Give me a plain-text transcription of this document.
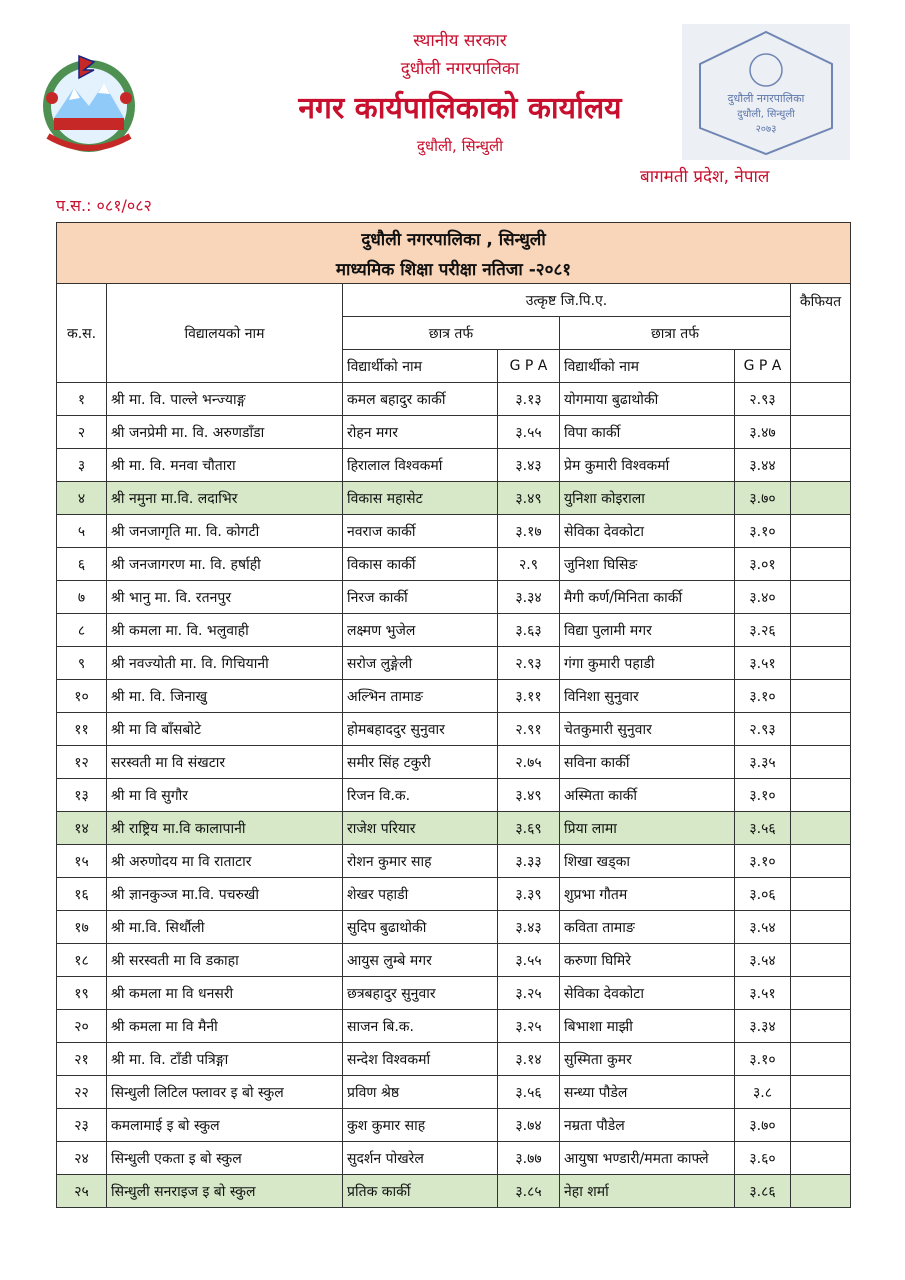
स्थानीय सरकार
दुधौली नगरपालिका
नगर कार्यपालिकाको कार्यालय
दुधौली, सिन्धुली
दुधौली नगरपालिका
दुधौली, सिन्धुली
२०७३
बागमती प्रदेश, नेपाल
प.स.: ०८१/०८२
दुधौली नगरपालिका , सिन्धुली						
माध्यमिक शिक्षा परीक्षा नतिजा -२०८१						
क.स.	विद्यालयको नाम	उत्कृष्ट जि.पि.ए.				कैफियत
		छात्र तर्फ		छात्रा तर्फ		
		विद्यार्थीको नाम	G P A	विद्यार्थीको नाम	G P A	
१	श्री मा. वि. पाल्ले भन्ज्याङ्ग	कमल बहादुर कार्की	३.१३	योगमाया बुढाथोकी	२.९३	
२	श्री जनप्रेमी मा. वि. अरुणडाँडा	रोहन मगर	३.५५	विपा कार्की	३.४७	
३	श्री मा. वि. मनवा चौतारा	हिरालाल विश्वकर्मा	३.४३	प्रेम कुमारी विश्वकर्मा	३.४४	
४	श्री नमुना मा.वि. लदाभिर	विकास महासेट	३.४९	युनिशा कोइराला	३.७०	
५	श्री जनजागृति मा. वि. कोगटी	नवराज कार्की	३.१७	सेविका देवकोटा	३.१०	
६	श्री जनजागरण मा. वि. हर्षाही	विकास कार्की	२.९	जुनिशा घिसिङ	३.०१	
७	श्री भानु मा. वि. रतनपुर	निरज कार्की	३.३४	मैगी कर्ण/मिनिता कार्की	३.४०	
८	श्री कमला मा. वि. भलुवाही	लक्ष्मण भुजेल	३.६३	विद्या पुलामी मगर	३.२६	
९	श्री नवज्योती मा. वि. गिचियानी	सरोज लुङ्गेली	२.९३	गंगा कुमारी पहाडी	३.५१	
१०	श्री मा. वि. जिनाखु	अल्भिन तामाङ	३.११	विनिशा सुनुवार	३.१०	
११	श्री मा वि बाँसबोटे	होमबहाददुर सुनुवार	२.९१	चेतकुमारी सुनुवार	२.९३	
१२	सरस्वती मा वि संखटार	समीर सिंह टकुरी	२.७५	सविना कार्की	३.३५	
१३	श्री मा वि सुगौर	रिजन वि.क.	३.४९	अस्मिता कार्की	३.१०	
१४	श्री राष्ट्रिय मा.वि कालापानी	राजेश परियार	३.६९	प्रिया लामा	३.५६	
१५	श्री अरुणोदय मा वि राताटार	रोशन कुमार साह	३.३३	शिखा खड्का	३.१०	
१६	श्री ज्ञानकुञ्ज मा.वि. पचरुखी	शेखर पहाडी	३.३९	शुप्रभा गौतम	३.०६	
१७	श्री मा.वि. सिर्थौली	सुदिप बुढाथोकी	३.४३	कविता तामाङ	३.५४	
१८	श्री सरस्वती मा वि डकाहा	आयुस लुम्बे मगर	३.५५	करुणा घिमिरे	३.५४	
१९	श्री कमला मा वि धनसरी	छत्रबहादुर सुनुवार	३.२५	सेविका देवकोटा	३.५१	
२०	श्री कमला मा वि मैनी	साजन बि.क.	३.२५	बिभाशा माझी	३.३४	
२१	श्री मा. वि. टाँडी पत्रिङ्गा	सन्देश विश्वकर्मा	३.१४	सुस्मिता कुमर	३.१०	
२२	सिन्धुली लिटिल फ्लावर इ बो स्कुल	प्रविण श्रेष्ठ	३.५६	सन्ध्या पौडेल	३.८	
२३	कमलामाई इ बो स्कुल	कुश कुमार साह	३.७४	नम्रता पौडेल	३.७०	
२४	सिन्धुली एकता इ बो स्कुल	सुदर्शन पोखरेल	३.७७	आयुषा भण्डारी/ममता काफ्ले	३.६०	
२५	सिन्धुली सनराइज इ बो स्कुल	प्रतिक कार्की	३.८५	नेहा शर्मा	३.८६	
